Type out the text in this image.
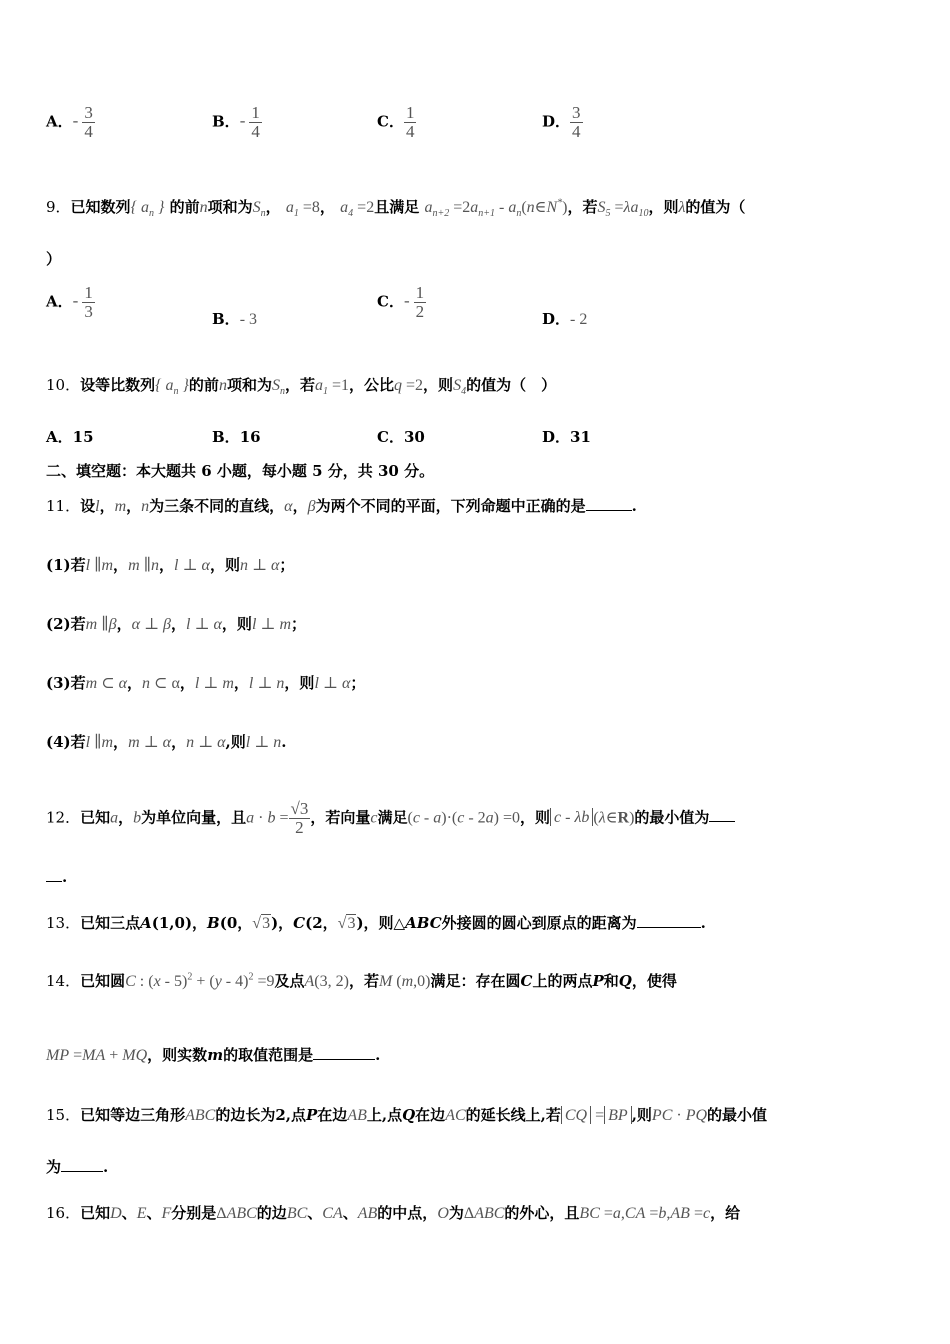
A．- $\frac{3}{4}$	B．- $\frac{1}{4}$	C． $\frac{1}{4}$	D． $\frac{3}{4}$
9．已知数列{ $a_n$ } 的前n项和为$S_n$， $a_1 =8$， $a_4 =2$且满足 $a_{n+2} =2a_{n+1}$ - $a_n(n\in N^*)$，若$S_5 =\lambda a_{10}$，则λ的值为（
）
A．- $\frac{1}{3}$	B．- 3
C．- $\frac{1}{2}$	D．- 2
10．设等比数列{ $a_n$ }的前n项和为$S_n$，若$a_1 =1$，公比q =2，则$S_4$的值为（　）
A．15	B．16	C．30	D．31
二、填空题：本大题共 6 小题，每小题 5 分，共 30 分。
11．设l，m，n为三条不同的直线，α，β为两个不同的平面，下列命题中正确的是	.
(1)若l ∥m，m ∥n，l ⊥ α，则n ⊥ α；
(2)若m ∥β，α ⊥ β，l ⊥ α，则l ⊥ m；
(3)若m ⊂ α，n ⊂ α，l ⊥ m，l ⊥ n，则l ⊥ α；
(4)若l ∥m，m ⊥ α，n ⊥ α,则l ⊥ n.
12．已知a，b为单位向量，且$a \cdot b = \frac{√3}{2}$ ，若向量c满足(c - a)·(c - 2a) =0，则 c - λb (λ∈R)的最小值为
.
13．已知三点A(1,0)，B(0，√3)，C(2，√3)，则△ABC外接圆的圆心到原点的距离为	.
14．已知圆C : (x - 5)$^2$ + (y - 4)$^2$ =9及点A(3, 2)，若M (m,0)满足：存在圆C上的两点P和Q，使得
MP =MA + MQ，则实数m的取值范围是	.
15．已知等边三角形ABC的边长为2,点P在边AB上,点Q在边AC的延长线上,若 CQ = BP ,则PC · PQ的最小值
为	.
16．已知D、E、F分别是ΔABC的边BC、CA、AB的中点，O为ΔABC的外心，且BC =a,CA =b,AB =c，给
